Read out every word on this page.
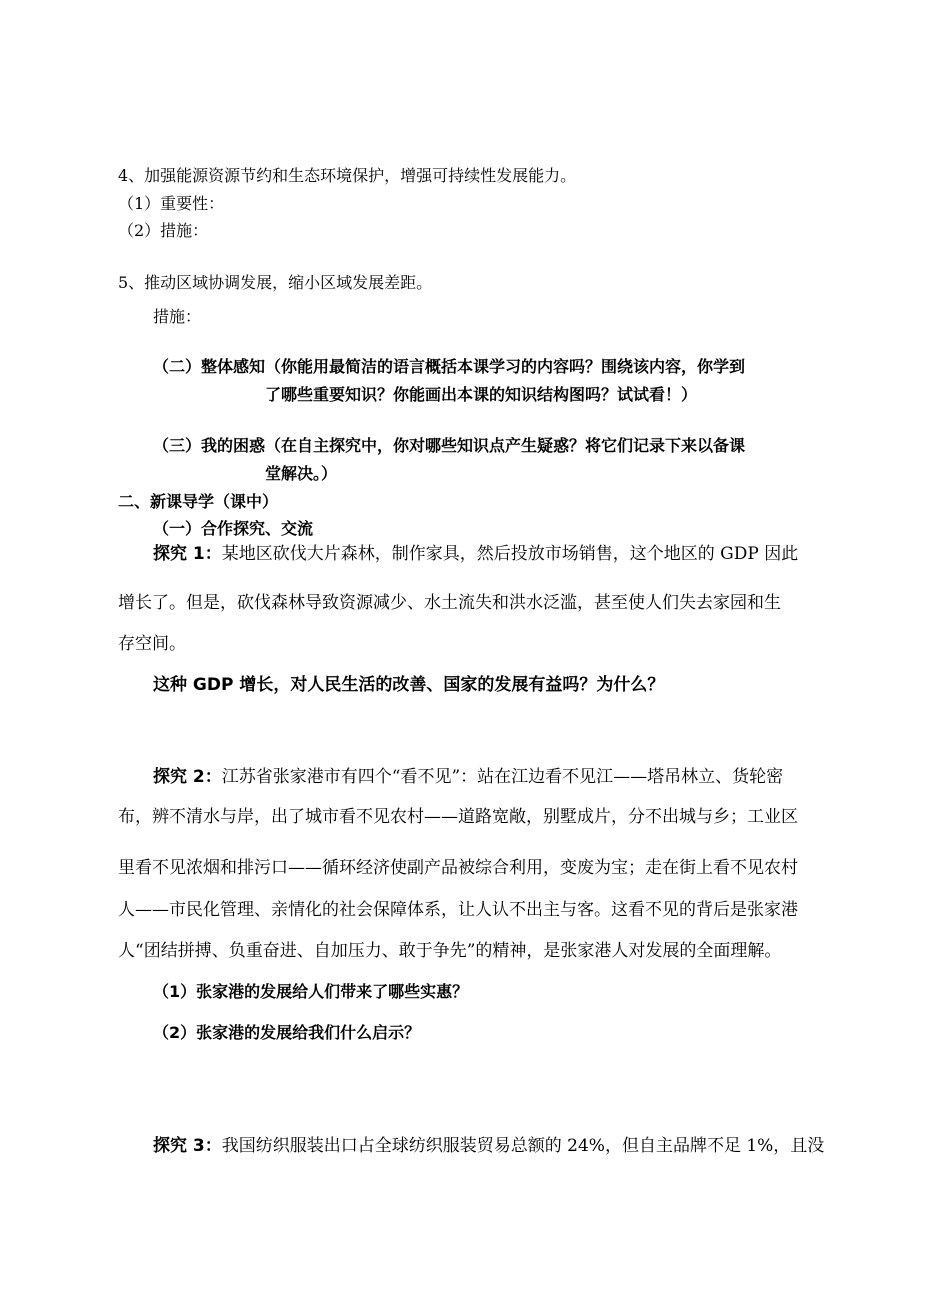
4、加强能源资源节约和生态环境保护，增强可持续性发展能力。
（1）重要性：
（2）措施：
5、推动区域协调发展，缩小区域发展差距。
措施：
（二）整体感知（你能用最简洁的语言概括本课学习的内容吗？围绕该内容，你学到
了哪些重要知识？你能画出本课的知识结构图吗？试试看！）
（三）我的困惑（在自主探究中，你对哪些知识点产生疑惑？将它们记录下来以备课
堂解决。）
二、新课导学（课中）
（一）合作探究、交流
探究 1：某地区砍伐大片森林，制作家具，然后投放市场销售，这个地区的 GDP 因此
增长了。但是，砍伐森林导致资源减少、水土流失和洪水泛滥，甚至使人们失去家园和生
存空间。
这种 GDP 增长，对人民生活的改善、国家的发展有益吗？为什么？
探究 2：江苏省张家港市有四个“看不见”：站在江边看不见江——塔吊林立、货轮密
布，辨不清水与岸，出了城市看不见农村——道路宽敞，别墅成片，分不出城与乡；工业区
里看不见浓烟和排污口——循环经济使副产品被综合利用，变废为宝；走在街上看不见农村
人——市民化管理、亲情化的社会保障体系，让人认不出主与客。这看不见的背后是张家港
人“团结拼搏、负重奋进、自加压力、敢于争先”的精神，是张家港人对发展的全面理解。
（1）张家港的发展给人们带来了哪些实惠？
（2）张家港的发展给我们什么启示？
探究 3：我国纺织服装出口占全球纺织服装贸易总额的 24%，但自主品牌不足 1%，且没
